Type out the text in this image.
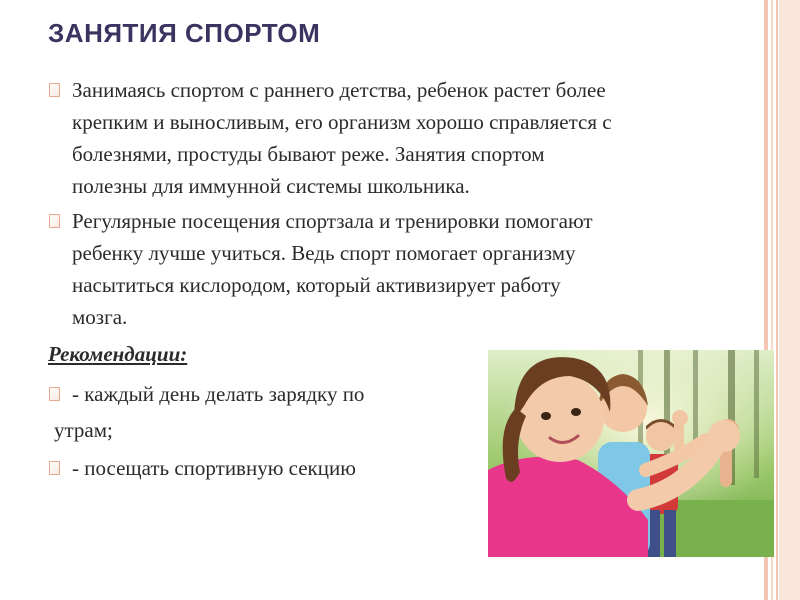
ЗАНЯТИЯ СПОРТОМ
Занимаясь спортом с раннего детства, ребенок растет более
крепким и выносливым, его организм хорошо справляется с
болезнями, простуды бывают реже. Занятия спортом
полезны для иммунной системы школьника.
Регулярные посещения спортзала и тренировки помогают
ребенку лучше учиться. Ведь спорт помогает организму
насытиться кислородом, который активизирует работу
мозга.

Рекомендации:

- каждый день делать зарядку по
утрам;
- посещать спортивную секцию
